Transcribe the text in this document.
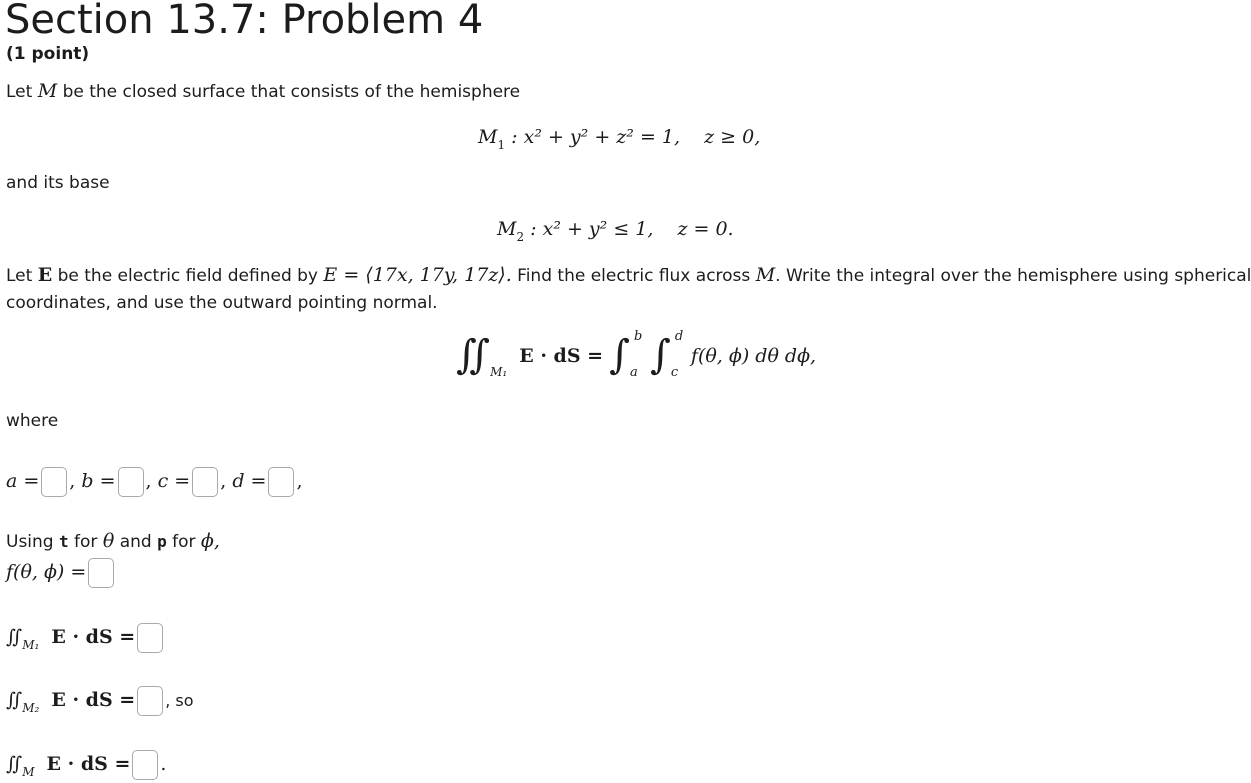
Section 13.7: Problem 4
(1 point)
Let M be the closed surface that consists of the hemisphere
$M_1$ : x² + y² + z² = 1, z ≥ 0,
and its base
$M_2$ : x² + y² ≤ 1, z = 0.
Let E be the electric field defined by E = ⟨17x, 17y, 17z⟩. Find the electric flux across M. Write the integral over the hemisphere using spherical
coordinates, and use the outward pointing normal.
$∬_{M_1}$ E · dS = ∫ b
a ∫ d
c
f(θ, ϕ) dθ dϕ,
where
a = , b = , c = , d = ,
Using t for θ and p for ϕ,
f(θ, ϕ) =
$∬_{M_1}$ E · dS =
$∬_{M_2}$ E · dS = , so
$∬_M$ E · dS = .
